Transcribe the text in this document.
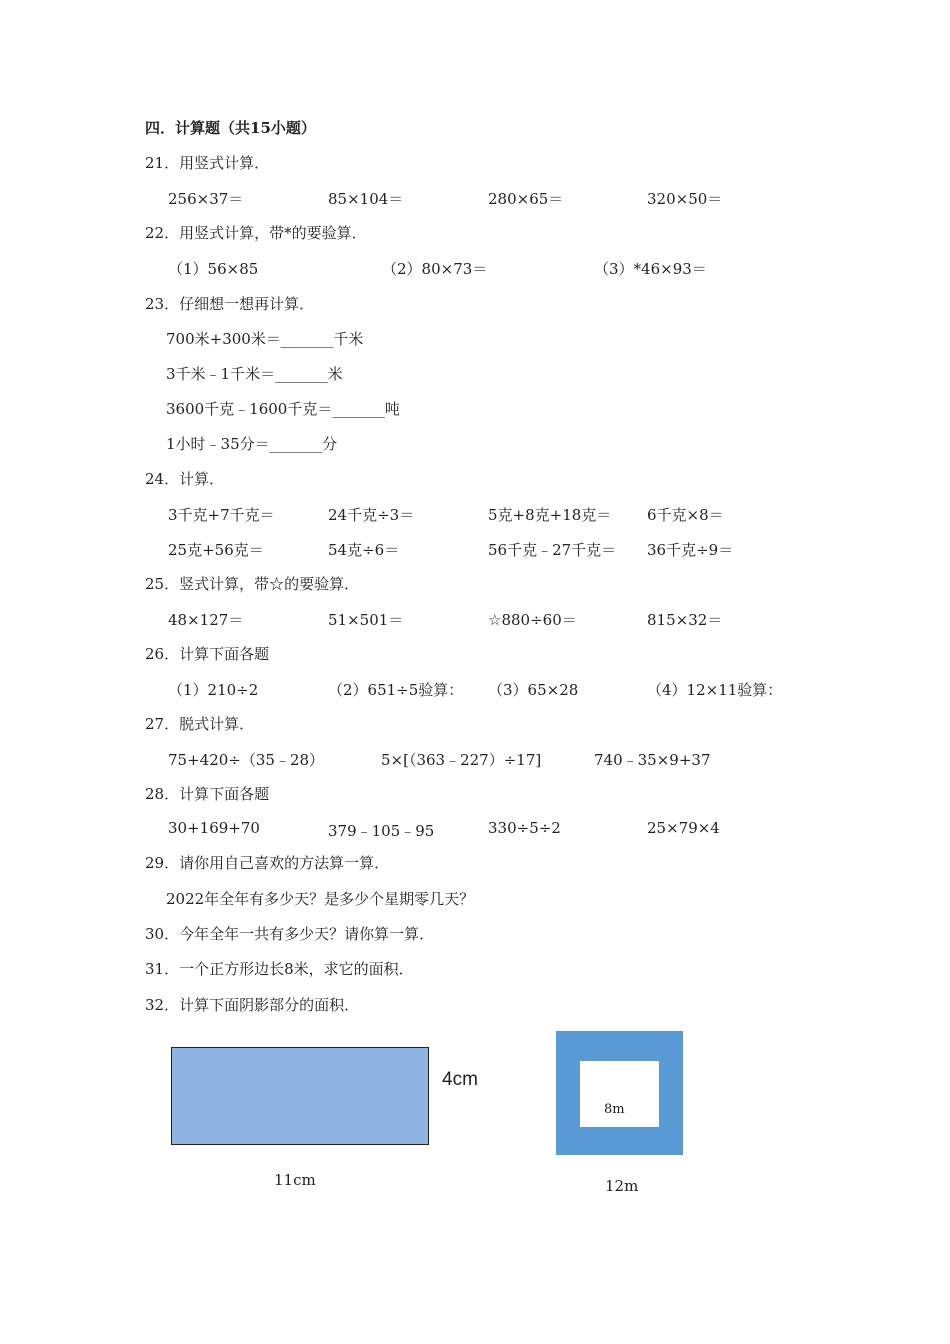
四．计算题（共15小题）
21．用竖式计算．
256×37＝	85×104＝	280×65＝	320×50＝
22．用竖式计算，带*的要验算．
（1）56×85	（2）80×73＝	（3）*46×93＝
23．仔细想一想再计算．
700米+300米＝_______千米
3千米﹣1千米＝_______米
3600千克﹣1600千克＝_______吨
1小时﹣35分＝_______分
24．计算．
3千克+7千克＝	24千克÷3＝	5克+8克+18克＝ 6千克×8＝
25克+56克＝	54克÷6＝	56千克﹣27千克＝ 36千克÷9＝
25．竖式计算，带☆的要验算．
48×127＝	51×501＝	☆880÷60＝	815×32＝
26．计算下面各题
（1）210÷2	（2）651÷5验算： （3）65×28	（4）12×11验算：
27．脱式计算．
75+420÷（35﹣28）	5×[（363﹣227）÷17]	740﹣35×9+37
28．计算下面各题
30+169+70	379﹣105﹣95	330÷5÷2	25×79×4
29．请你用自己喜欢的方法算一算．
2022年全年有多少天？是多少个星期零几天？
30．今年全年一共有多少天？请你算一算．
31．一个正方形边长8米，求它的面积．
32．计算下面阴影部分的面积．
4cm
11cm
8m
12m
